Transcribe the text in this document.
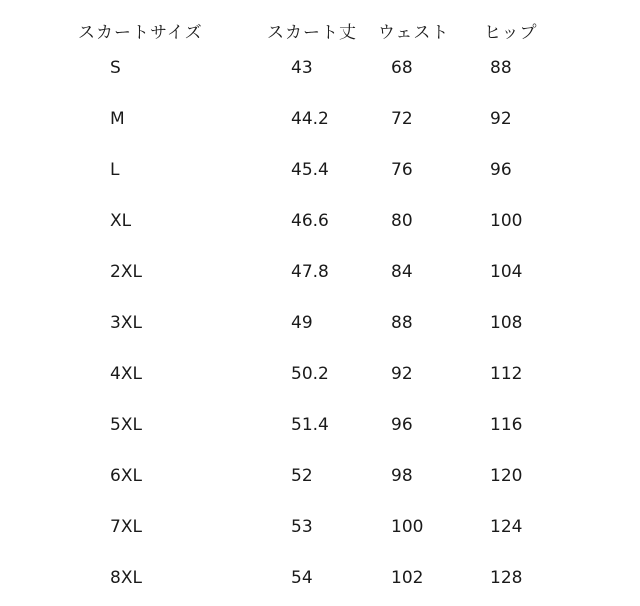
スカートサイズ	スカート丈 ウェスト ヒップ
S	43	68	88
M	44.2	72	92
L	45.4	76	96
XL	46.6	80	100
2XL	47.8	84	104
3XL	49	88	108
4XL	50.2	92	112
5XL	51.4	96	116
6XL	52	98	120
7XL	53	100	124
8XL	54	102	128
